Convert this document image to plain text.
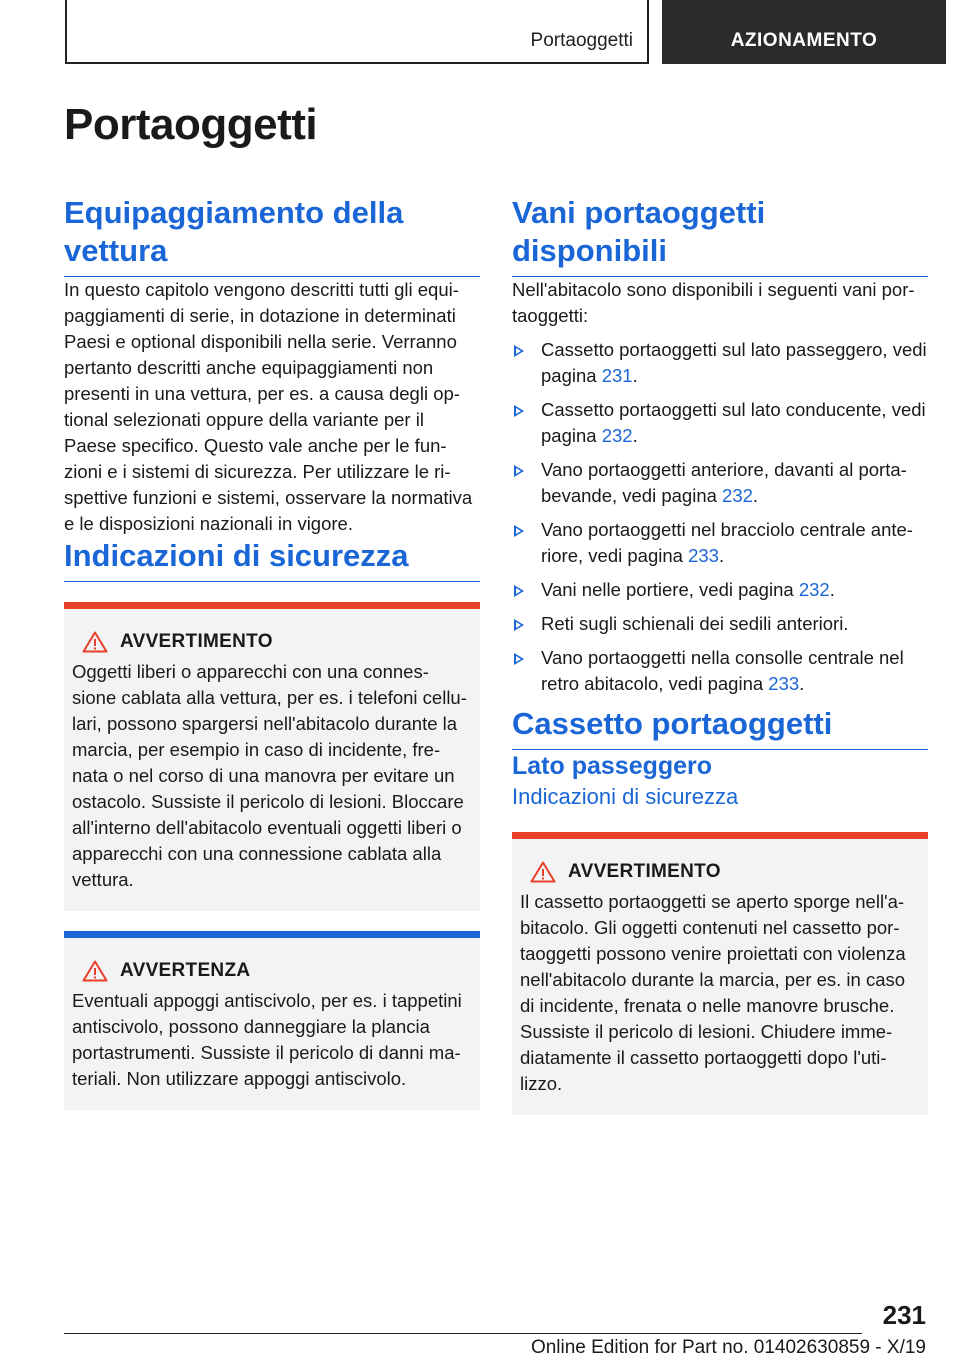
Portaoggetti	AZIONAMENTO
Portaoggetti
Equipaggiamento della vettura

In questo capitolo vengono descritti tutti gli equi-paggiamenti di serie, in dotazione in determinati Paesi e optional disponibili nella serie. Verranno pertanto descritti anche equipaggiamenti non presenti in una vettura, per es. a causa degli op-tional selezionati oppure della variante per il Paese specifico. Questo vale anche per le fun-zioni e i sistemi di sicurezza. Per utilizzare le ri-spettive funzioni e sistemi, osservare la normativa e le disposizioni nazionali in vigore.

Indicazioni di sicurezza
AVVERTIMENTO

Oggetti liberi o apparecchi con una connes-sione cablata alla vettura, per es. i telefoni cellu-lari, possono spargersi nell'abitacolo durante la marcia, per esempio in caso di incidente, fre-nata o nel corso di una manovra per evitare un ostacolo. Sussiste il pericolo di lesioni. Bloccare all'interno dell'abitacolo eventuali oggetti liberi o apparecchi con una connessione cablata alla vettura.

AVVERTENZA

Eventuali appoggi antiscivolo, per es. i tappetini antiscivolo, possono danneggiare la plancia portastrumenti. Sussiste il pericolo di danni ma-teriali. Non utilizzare appoggi antiscivolo.

Vani portaoggetti disponibili

Nell'abitacolo sono disponibili i seguenti vani por-taoggetti:

Cassetto portaoggetti sul lato passeggero, vedi pagina 231.
Cassetto portaoggetti sul lato conducente, vedi pagina 232.
Vano portaoggetti anteriore, davanti al porta-bevande, vedi pagina 232.
Vano portaoggetti nel bracciolo centrale ante-riore, vedi pagina 233.
Vani nelle portiere, vedi pagina 232.
Reti sugli schienali dei sedili anteriori.
Vano portaoggetti nella consolle centrale nel retro abitacolo, vedi pagina 233.
Cassetto portaoggetti
Lato passeggero
Indicazioni di sicurezza
AVVERTIMENTO

Il cassetto portaoggetti se aperto sporge nell'a-bitacolo. Gli oggetti contenuti nel cassetto por-taoggetti possono venire proiettati con violenza nell'abitacolo durante la marcia, per es. in caso di incidente, frenata o nelle manovre brusche. Sussiste il pericolo di lesioni. Chiudere imme-diatamente il cassetto portaoggetti dopo l'uti-lizzo.

231
Online Edition for Part no. 01402630859 - X/19
